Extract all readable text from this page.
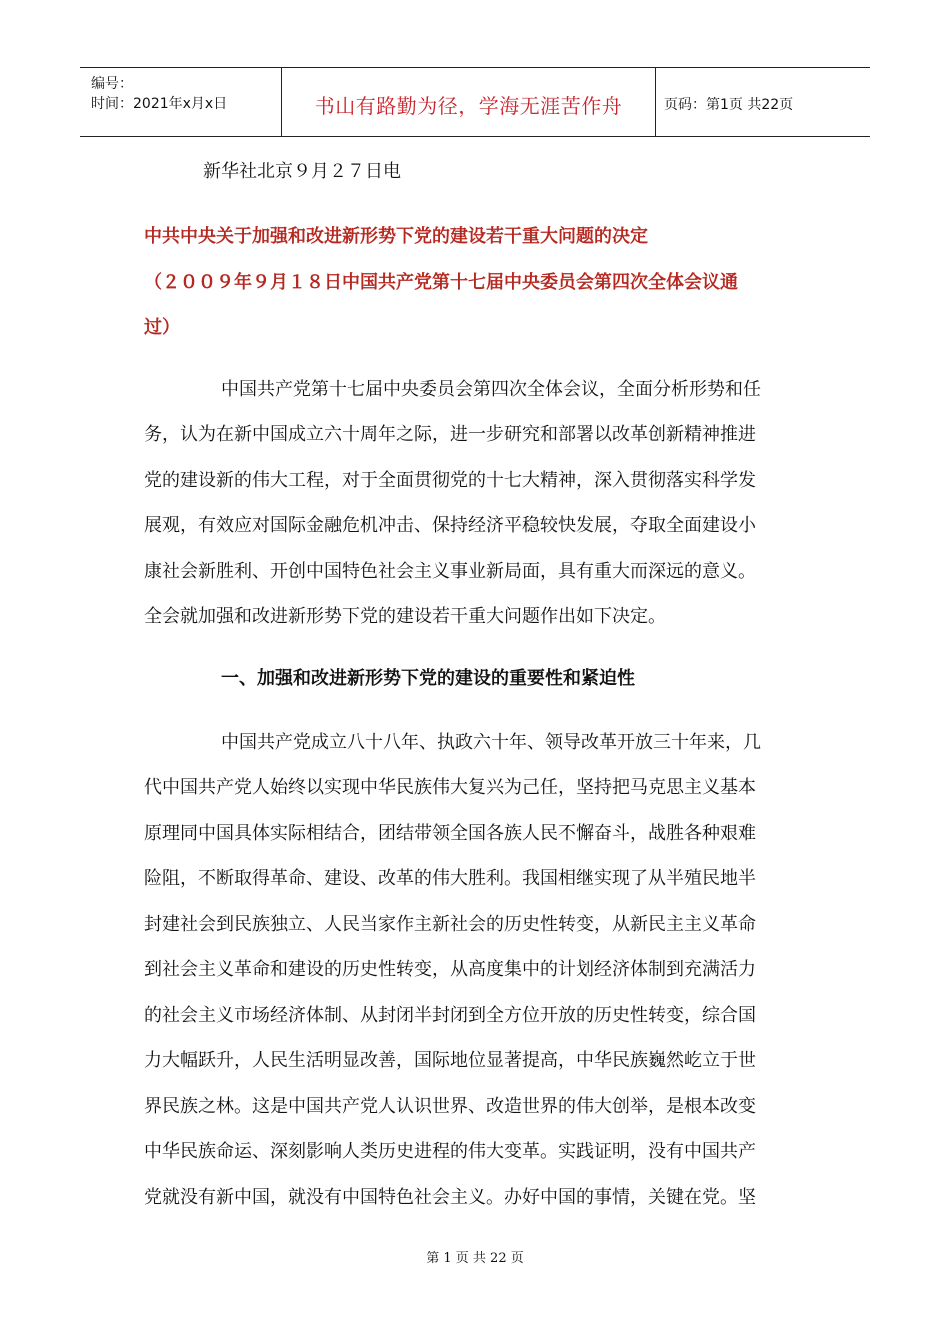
编号：
时间：2021年x月x日	书山有路勤为径，学海无涯苦作舟	页码：第1页 共22页
新华社北京９月２７日电
中共中央关于加强和改进新形势下党的建设若干重大问题的决定
（２００９年９月１８日中国共产党第十七届中央委员会第四次全体会议通
过）
中国共产党第十七届中央委员会第四次全体会议，全面分析形势和任
务，认为在新中国成立六十周年之际，进一步研究和部署以改革创新精神推进
党的建设新的伟大工程，对于全面贯彻党的十七大精神，深入贯彻落实科学发
展观，有效应对国际金融危机冲击、保持经济平稳较快发展，夺取全面建设小
康社会新胜利、开创中国特色社会主义事业新局面，具有重大而深远的意义。
全会就加强和改进新形势下党的建设若干重大问题作出如下决定。
一、加强和改进新形势下党的建设的重要性和紧迫性
中国共产党成立八十八年、执政六十年、领导改革开放三十年来，几
代中国共产党人始终以实现中华民族伟大复兴为己任，坚持把马克思主义基本
原理同中国具体实际相结合，团结带领全国各族人民不懈奋斗，战胜各种艰难
险阻，不断取得革命、建设、改革的伟大胜利。我国相继实现了从半殖民地半
封建社会到民族独立、人民当家作主新社会的历史性转变，从新民主主义革命
到社会主义革命和建设的历史性转变，从高度集中的计划经济体制到充满活力
的社会主义市场经济体制、从封闭半封闭到全方位开放的历史性转变，综合国
力大幅跃升，人民生活明显改善，国际地位显著提高，中华民族巍然屹立于世
界民族之林。这是中国共产党人认识世界、改造世界的伟大创举，是根本改变
中华民族命运、深刻影响人类历史进程的伟大变革。实践证明，没有中国共产
党就没有新中国，就没有中国特色社会主义。办好中国的事情，关键在党。坚
第 1 页 共 22 页
